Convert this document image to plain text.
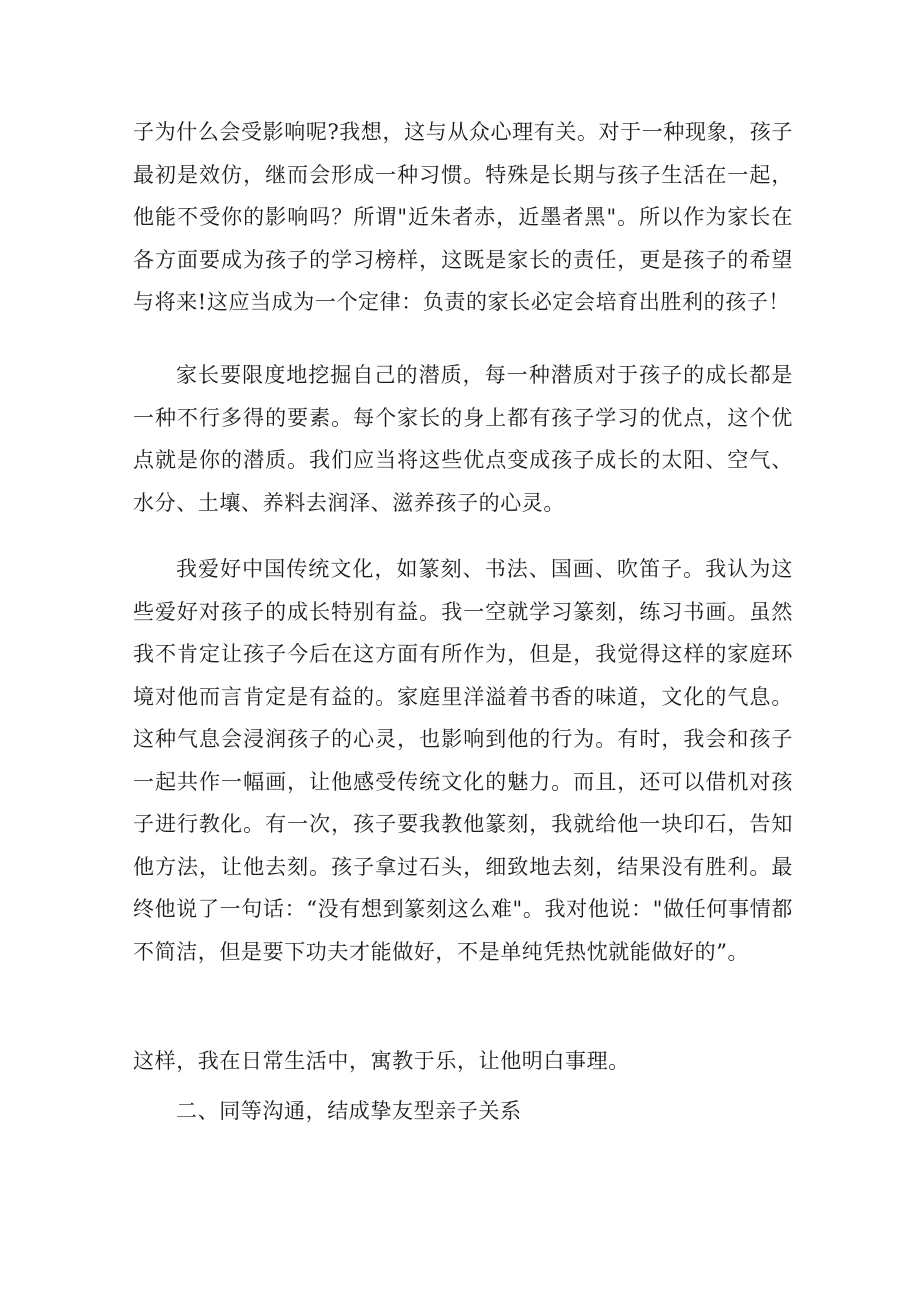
子为什么会受影响呢?我想，这与从众心理有关。对于一种现象，孩子最初是效仿，继而会形成一种习惯。特殊是长期与孩子生活在一起，他能不受你的影响吗？所谓"近朱者赤，近墨者黑"。所以作为家长在各方面要成为孩子的学习榜样，这既是家长的责任，更是孩子的希望与将来!这应当成为一个定律：负责的家长必定会培育出胜利的孩子！

家长要限度地挖掘自己的潜质，每一种潜质对于孩子的成长都是一种不行多得的要素。每个家长的身上都有孩子学习的优点，这个优点就是你的潜质。我们应当将这些优点变成孩子成长的太阳、空气、水分、土壤、养料去润泽、滋养孩子的心灵。

我爱好中国传统文化，如篆刻、书法、国画、吹笛子。我认为这些爱好对孩子的成长特别有益。我一空就学习篆刻，练习书画。虽然我不肯定让孩子今后在这方面有所作为，但是，我觉得这样的家庭环境对他而言肯定是有益的。家庭里洋溢着书香的味道，文化的气息。这种气息会浸润孩子的心灵，也影响到他的行为。有时，我会和孩子一起共作一幅画，让他感受传统文化的魅力。而且，还可以借机对孩子进行教化。有一次，孩子要我教他篆刻，我就给他一块印石，告知他方法，让他去刻。孩子拿过石头，细致地去刻，结果没有胜利。最终他说了一句话：“没有想到篆刻这么难"。我对他说："做任何事情都不简洁，但是要下功夫才能做好，不是单纯凭热忱就能做好的”。

这样，我在日常生活中，寓教于乐，让他明白事理。

二、同等沟通，结成挚友型亲子关系
